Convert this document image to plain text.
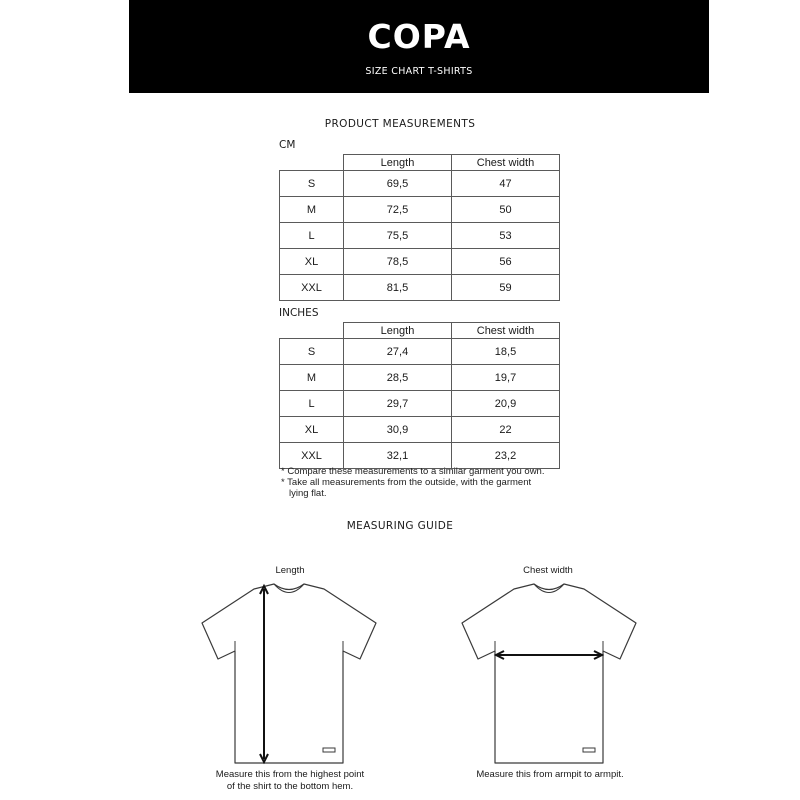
COPA
SIZE CHART T-SHIRTS
PRODUCT MEASUREMENTS
CM
	Length	Chest width
S	69,5	47
M	72,5	50
L	75,5	53
XL	78,5	56
XXL	81,5	59
INCHES
	Length	Chest width
S	27,4	18,5
M	28,5	19,7
L	29,7	20,9
XL	30,9	22
XXL	32,1	23,2
* Compare these measurements to a similar garment you own.
* Take all measurements from the outside, with the garment
lying flat.
MEASURING GUIDE
Length
Measure this from the highest point
of the shirt to the bottom hem.
Chest width
Measure this from armpit to armpit.
